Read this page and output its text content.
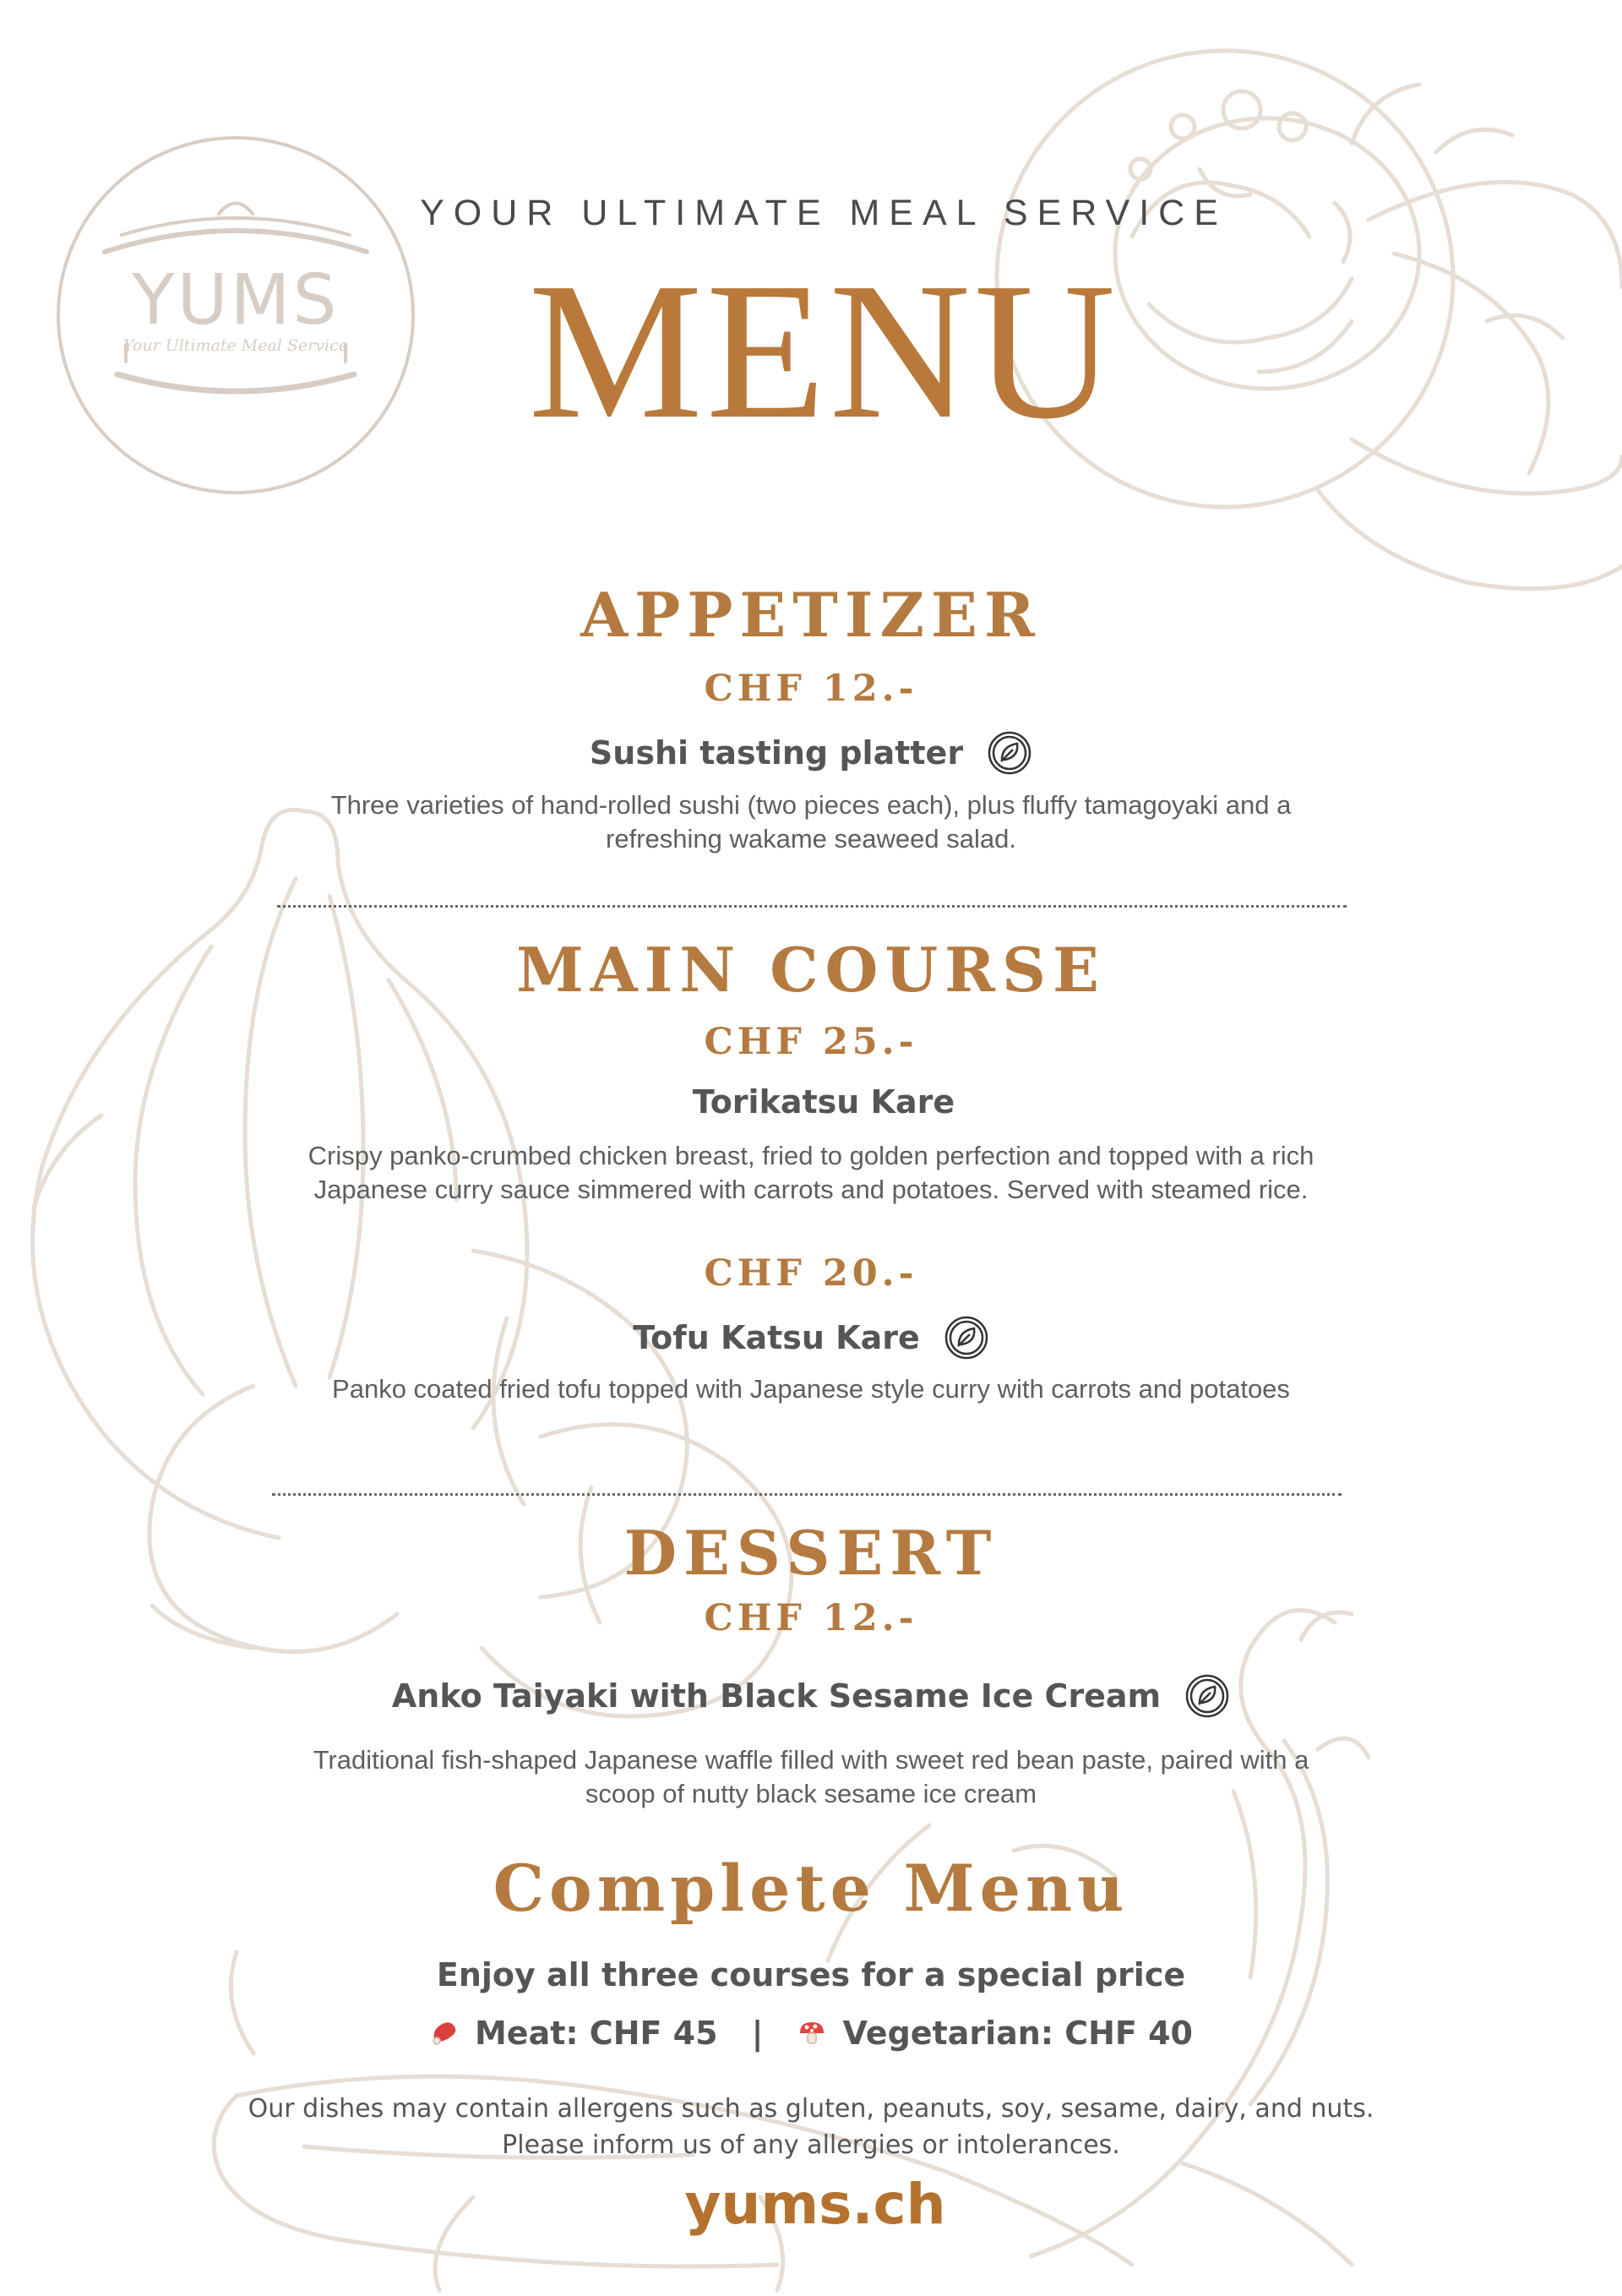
YUMS
Your Ultimate Meal Service
YOUR ULTIMATE MEAL SERVICE
MENU
APPETIZER
CHF 12.-
Sushi tasting platter
Three varieties of hand-rolled sushi (two pieces each), plus fluffy tamagoyaki and a
refreshing wakame seaweed salad.
MAIN COURSE
CHF 25.-
Torikatsu Kare
Crispy panko-crumbed chicken breast, fried to golden perfection and topped with a rich
Japanese curry sauce simmered with carrots and potatoes. Served with steamed rice.
CHF 20.-
Tofu Katsu Kare
Panko coated fried tofu topped with Japanese style curry with carrots and potatoes
DESSERT
CHF 12.-
Anko Taiyaki with Black Sesame Ice Cream
Traditional fish-shaped Japanese waffle filled with sweet red bean paste, paired with a
scoop of nutty black sesame ice cream
Complete Menu
Enjoy all three courses for a special price
Meat: CHF 45 | Vegetarian: CHF 40
Our dishes may contain allergens such as gluten, peanuts, soy, sesame, dairy, and nuts.
Please inform us of any allergies or intolerances.
yums.ch
